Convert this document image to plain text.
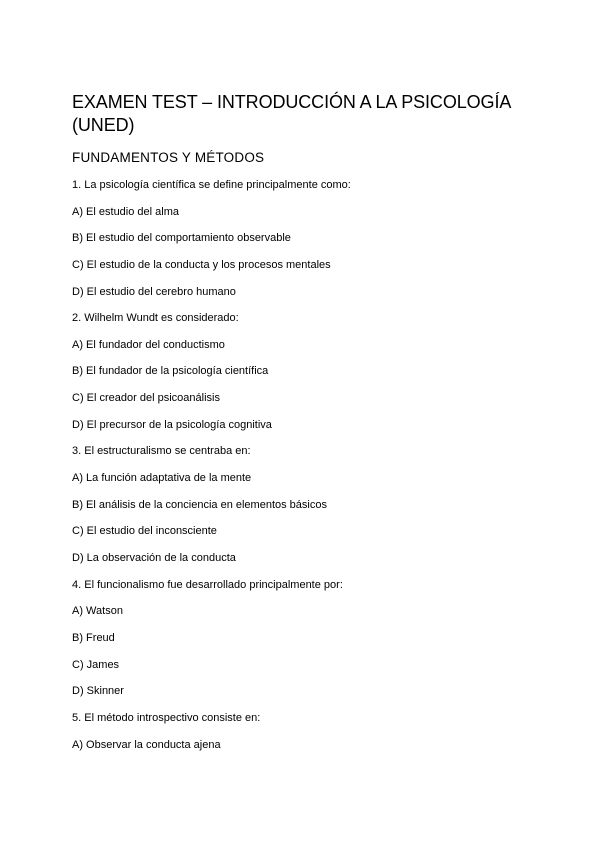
EXAMEN TEST – INTRODUCCIÓN A LA PSICOLOGÍA (UNED)
FUNDAMENTOS Y MÉTODOS
1. La psicología científica se define principalmente como:
A) El estudio del alma
B) El estudio del comportamiento observable
C) El estudio de la conducta y los procesos mentales
D) El estudio del cerebro humano
2. Wilhelm Wundt es considerado:
A) El fundador del conductismo
B) El fundador de la psicología científica
C) El creador del psicoanálisis
D) El precursor de la psicología cognitiva
3. El estructuralismo se centraba en:
A) La función adaptativa de la mente
B) El análisis de la conciencia en elementos básicos
C) El estudio del inconsciente
D) La observación de la conducta
4. El funcionalismo fue desarrollado principalmente por:
A) Watson
B) Freud
C) James
D) Skinner
5. El método introspectivo consiste en:
A) Observar la conducta ajena
